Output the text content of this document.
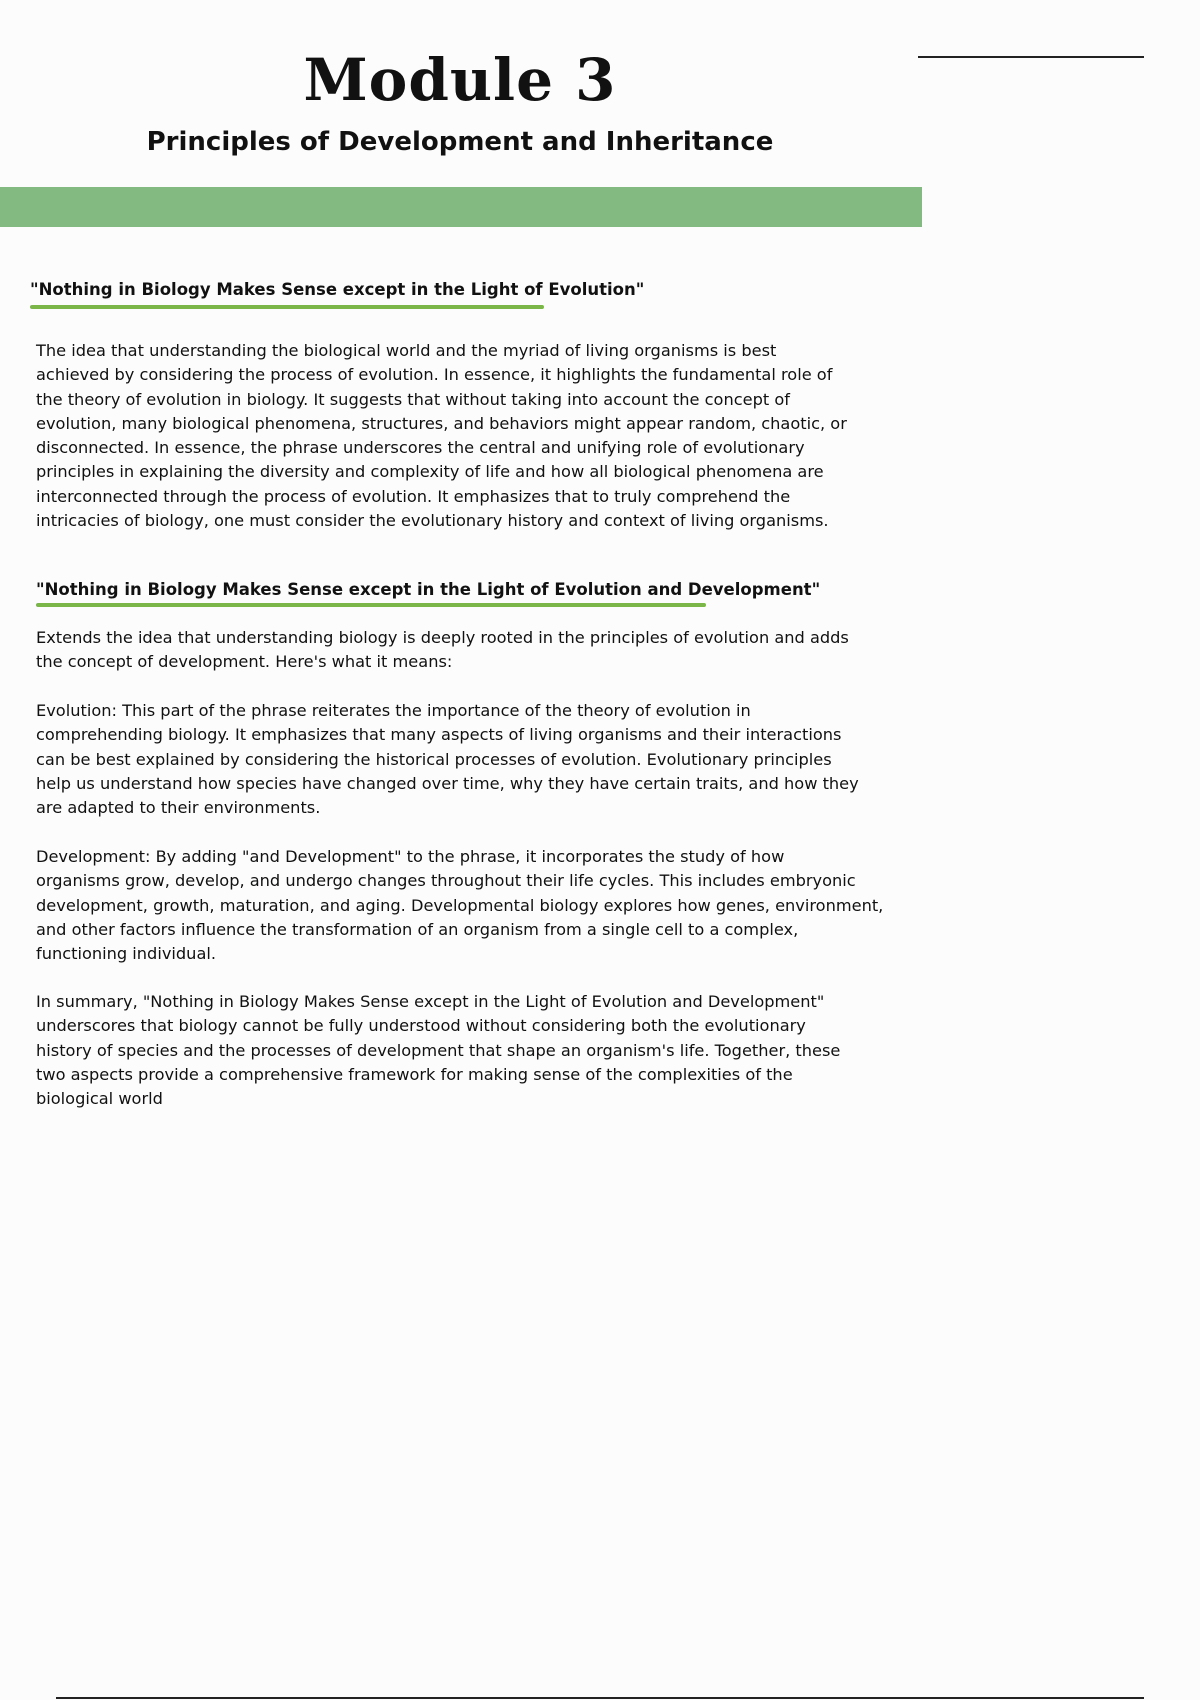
Module 3
Principles of Development and Inheritance
"Nothing in Biology Makes Sense except in the Light of Evolution"

The idea that understanding the biological world and the myriad of living organisms is best
achieved by considering the process of evolution. In essence, it highlights the fundamental role of
the theory of evolution in biology. It suggests that without taking into account the concept of
evolution, many biological phenomena, structures, and behaviors might appear random, chaotic, or
disconnected. In essence, the phrase underscores the central and unifying role of evolutionary
principles in explaining the diversity and complexity of life and how all biological phenomena are
interconnected through the process of evolution. It emphasizes that to truly comprehend the
intricacies of biology, one must consider the evolutionary history and context of living organisms.

"Nothing in Biology Makes Sense except in the Light of Evolution and Development"

Extends the idea that understanding biology is deeply rooted in the principles of evolution and adds
the concept of development. Here's what it means:

Evolution: This part of the phrase reiterates the importance of the theory of evolution in
comprehending biology. It emphasizes that many aspects of living organisms and their interactions
can be best explained by considering the historical processes of evolution. Evolutionary principles
help us understand how species have changed over time, why they have certain traits, and how they
are adapted to their environments.

Development: By adding "and Development" to the phrase, it incorporates the study of how
organisms grow, develop, and undergo changes throughout their life cycles. This includes embryonic
development, growth, maturation, and aging. Developmental biology explores how genes, environment,
and other factors influence the transformation of an organism from a single cell to a complex,
functioning individual.

In summary, "Nothing in Biology Makes Sense except in the Light of Evolution and Development"
underscores that biology cannot be fully understood without considering both the evolutionary
history of species and the processes of development that shape an organism's life. Together, these
two aspects provide a comprehensive framework for making sense of the complexities of the
biological world
